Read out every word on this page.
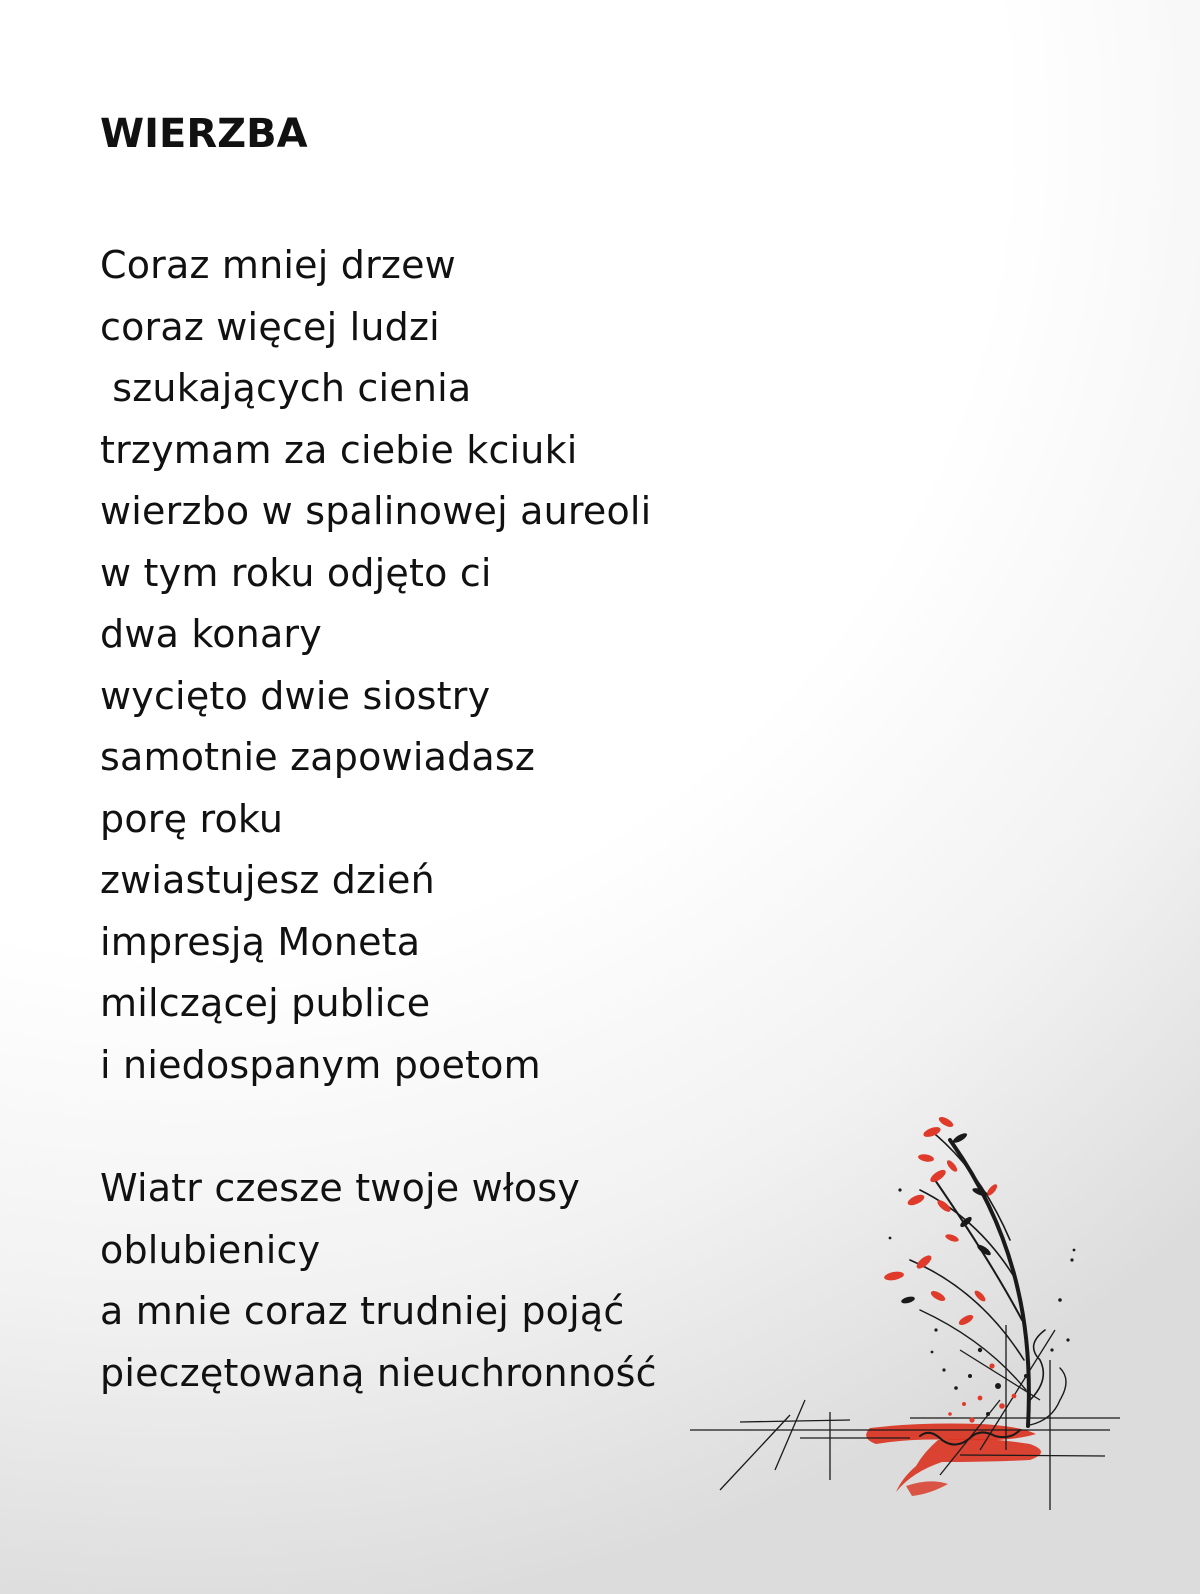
WIERZBA
Coraz mniej drzew
coraz więcej ludzi
szukających cienia
trzymam za ciebie kciuki
wierzbo w spalinowej aureoli
w tym roku odjęto ci
dwa konary
wycięto dwie siostry
samotnie zapowiadasz
porę roku
zwiastujesz dzień
impresją Moneta
milczącej publice
i niedospanym poetom
Wiatr czesze twoje włosy
oblubienicy
a mnie coraz trudniej pojąć
pieczętowaną nieuchronność
